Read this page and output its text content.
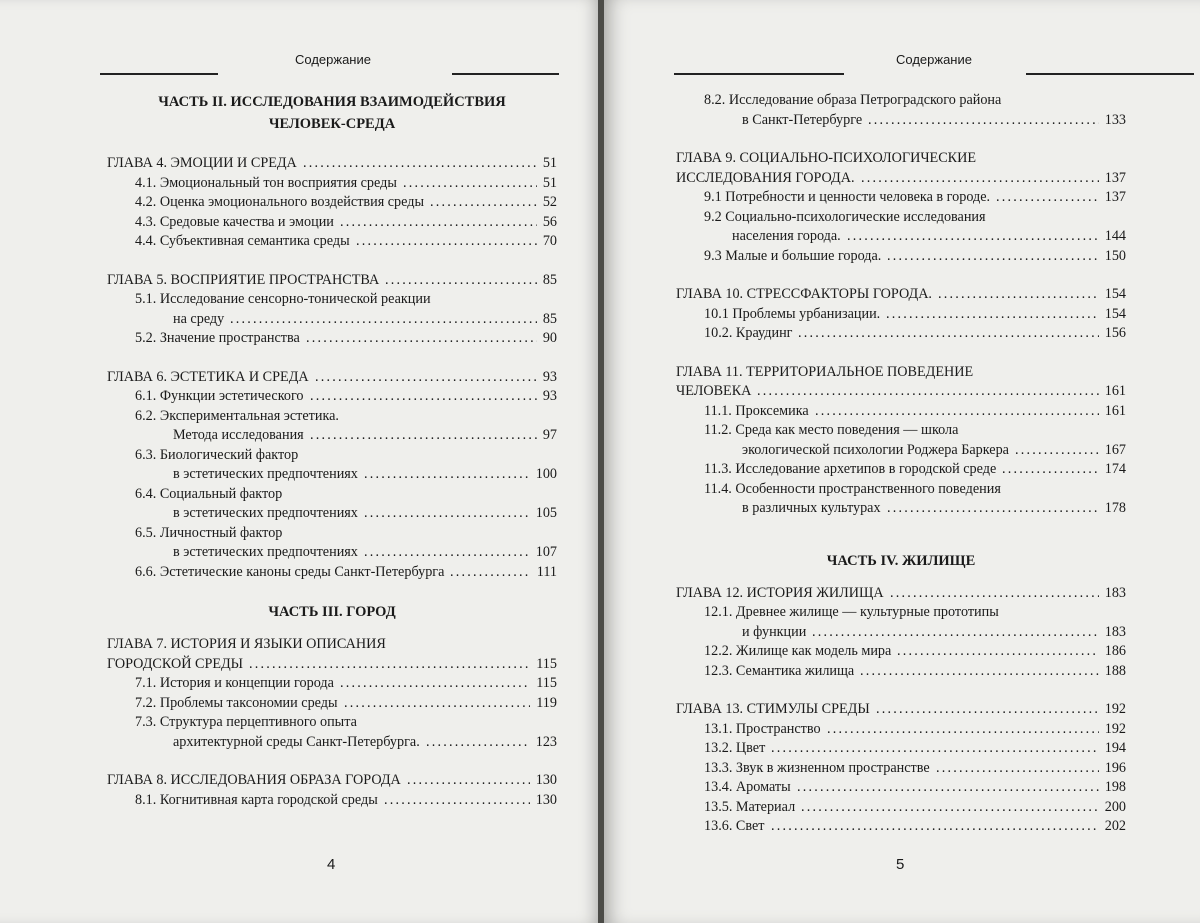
Содержание
ЧАСТЬ II. ИССЛЕДОВАНИЯ ВЗАИМОДЕЙСТВИЯ
ЧЕЛОВЕК-СРЕДА
ГЛАВА 4. ЭМОЦИИ И СРЕДА ........................................ 51
4.1. Эмоциональный тон восприятия среды ....................... 51
4.2. Оценка эмоционального воздействия среды .................. 52
4.3. Средовые качества и эмоции .................................. 56
4.4. Субъективная семантика среды ............................... 70
ГЛАВА 5. ВОСПРИЯТИЕ ПРОСТРАНСТВА .......................... 85
5.1. Исследование сенсорно-тонической реакции
на среду ..................................................... 85
5.2. Значение пространства ........................................ 90
ГЛАВА 6. ЭСТЕТИКА И СРЕДА ...................................... 93
6.1. Функции эстетического ....................................... 93
6.2. Экспериментальная эстетика.
Метода исследования ....................................... 97
6.3. Биологический фактор
в эстетических предпочтениях ............................. 100
6.4. Социальный фактор
в эстетических предпочтениях ............................. 105
6.5. Личностный фактор
в эстетических предпочтениях ............................. 107
6.6. Эстетические каноны среды Санкт-Петербурга .............. 111
ЧАСТЬ III. ГОРОД
ГЛАВА 7. ИСТОРИЯ И ЯЗЫКИ ОПИСАНИЯ
ГОРОДСКОЙ СРЕДЫ ................................................. 115
7.1. История и концепции города ................................. 115
7.2. Проблемы таксономии среды ................................ 119
7.3. Структура перцептивного опыта
архитектурной среды Санкт-Петербурга. .................. 123
ГЛАВА 8. ИССЛЕДОВАНИЯ ОБРАЗА ГОРОДА ..................... 130
8.1. Когнитивная карта городской среды ......................... 130
4
Содержание
8.2. Исследование образа Петроградского района
в Санкт-Петербурге ........................................ 133
ГЛАВА 9. СОЦИАЛЬНО-ПСИХОЛОГИЧЕСКИЕ
ИССЛЕДОВАНИЯ ГОРОДА. ......................................... 137
9.1 Потребности и ценности человека в городе. .................. 137
9.2 Социально-психологические исследования
населения города. ............................................ 144
9.3 Малые и большие города. .................................... 150
ГЛАВА 10. СТРЕССФАКТОРЫ ГОРОДА. ............................ 154
10.1 Проблемы урбанизации. ..................................... 154
10.2. Краудинг .................................................... 156
ГЛАВА 11. ТЕРРИТОРИАЛЬНОЕ ПОВЕДЕНИЕ
ЧЕЛОВЕКА ........................................................... 161
11.1. Проксемика ................................................. 161
11.2. Среда как место поведения — школа
экологической психологии Роджера Баркера .............. 167
11.3. Исследование архетипов в городской среде ................ 174
11.4. Особенности пространственного поведения
в различных культурах .................................... 178
ЧАСТЬ IV. ЖИЛИЩЕ
ГЛАВА 12. ИСТОРИЯ ЖИЛИЩА .................................... 183
12.1. Древнее жилище — культурные прототипы
и функции .................................................. 183
12.2. Жилище как модель мира ................................... 186
12.3. Семантика жилища ......................................... 188
ГЛАВА 13. СТИМУЛЫ СРЕДЫ ...................................... 192
13.1. Пространство ............................................... 192
13.2. Цвет ......................................................... 194
13.3. Звук в жизненном пространстве ............................ 196
13.4. Ароматы .................................................... 198
13.5. Материал .................................................... 200
13.6. Свет ......................................................... 202
5
